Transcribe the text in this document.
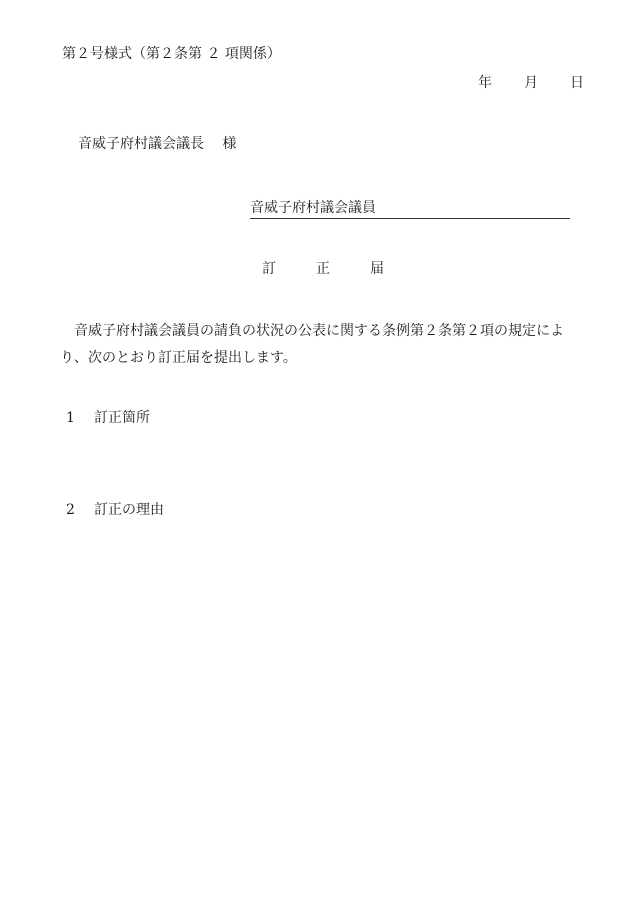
第２号様式（第２条第 ２ 項関係）
年 月 日
音威子府村議会議長　 様
音威子府村議会議員
訂	正	届
音威子府村議会議員の請負の状況の公表に関する条例第２条第２項の規定により、次のとおり訂正届を提出します。
1 訂正箇所
2 訂正の理由
